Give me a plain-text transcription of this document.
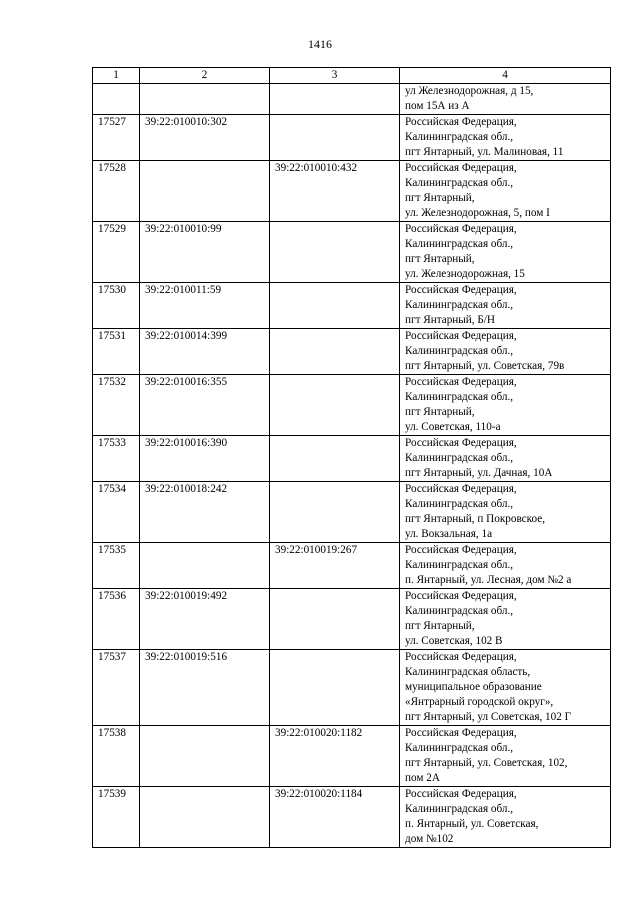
1416
1	2	3	4

			ул Железнодорожная, д 15,
пом 15А из А

17527	39:22:010010:302		Российская Федерация,
Калининградская обл.,
пгт Янтарный, ул. Малиновая, 11

17528		39:22:010010:432	Российская Федерация,
Калининградская обл.,
пгт Янтарный,
ул. Железнодорожная, 5, пом I

17529	39:22:010010:99		Российская Федерация,
Калининградская обл.,
пгт Янтарный,
ул. Железнодорожная, 15

17530	39:22:010011:59		Российская Федерация,
Калининградская обл.,
пгт Янтарный, Б/Н

17531	39:22:010014:399		Российская Федерация,
Калининградская обл.,
пгт Янтарный, ул. Советская, 79в

17532	39:22:010016:355		Российская Федерация,
Калининградская обл.,
пгт Янтарный,
ул. Советская, 110-а

17533	39:22:010016:390		Российская Федерация,
Калининградская обл.,
пгт Янтарный, ул. Дачная, 10А

17534	39:22:010018:242		Российская Федерация,
Калининградская обл.,
пгт Янтарный, п Покровское,
ул. Вокзальная, 1а

17535		39:22:010019:267	Российская Федерация,
Калининградская обл.,
п. Янтарный, ул. Лесная, дом №2 а

17536	39:22:010019:492		Российская Федерация,
Калининградская обл.,
пгт Янтарный,
ул. Советская, 102 В

17537	39:22:010019:516		Российская Федерация,
Калининградская область,
муниципальное образование
«Янтрарный городской округ»,
пгт Янтарный, ул Советская, 102 Г

17538		39:22:010020:1182	Российская Федерация,
Калининградская обл.,
пгт Янтарный, ул. Советская, 102,
пом 2А

17539		39:22:010020:1184	Российская Федерация,
Калининградская обл.,
п. Янтарный, ул. Советская,
дом №102
